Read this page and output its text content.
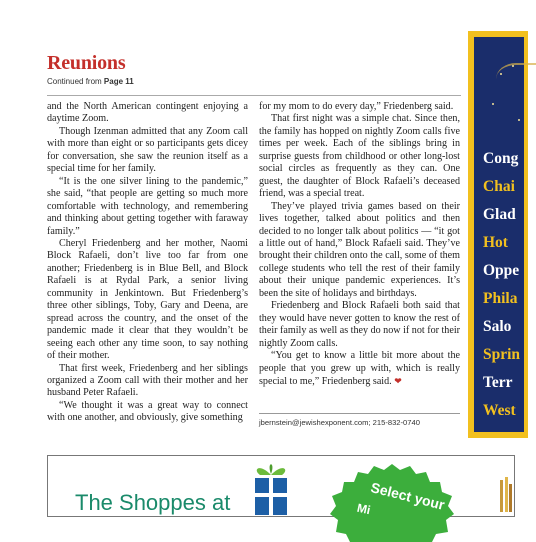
Reunions
Continued from Page 11

and the North American contingent enjoying a daytime Zoom.

Though Izenman admitted that any Zoom call with more than eight or so participants gets dicey for conversation, she saw the reunion itself as a special time for her family.

“It is the one silver lining to the pandemic,” she said, “that people are getting so much more comfortable with technology, and remembering and thinking about getting together with faraway family.”

Cheryl Friedenberg and her mother, Naomi Block Rafaeli, don’t live too far from one another; Friedenberg is in Blue Bell, and Block Rafaeli is at Rydal Park, a senior living community in Jenkintown. But Friedenberg’s three other siblings, Toby, Gary and Deena, are spread across the country, and the onset of the pandemic made it clear that they wouldn’t be seeing each other any time soon, to say nothing of their mother.

That first week, Friedenberg and her siblings organized a Zoom call with their mother and her husband Peter Rafaeli.

“We thought it was a great way to connect with one another, and obviously, give something

for my mom to do every day,” Friedenberg said.

That first night was a simple chat. Since then, the family has hopped on nightly Zoom calls five times per week. Each of the siblings bring in surprise guests from childhood or other long-lost social circles as frequently as they can. One guest, the daughter of Block Rafaeli’s deceased friend, was a special treat.

They’ve played trivia games based on their lives together, talked about politics and then decided to no longer talk about politics — “it got a little out of hand,” Block Rafaeli said. They’ve brought their children onto the call, some of them college students who tell the rest of their family about their unique pandemic experiences. It’s been the site of holidays and birthdays.

Friedenberg and Block Rafaeli both said that they would have never gotten to know the rest of their family as well as they do now if not for their nightly Zoom calls.

“You get to know a little bit more about the people that you grew up with, which is really special to me,” Friedenberg said. ❤

jbernstein@jewishexponent.com; 215-832-0740
Cong
Chai
Glad
Hot
Oppe
Phila
Salo
Sprin
Terr
West
The Shoppes at	Select your
Mi
